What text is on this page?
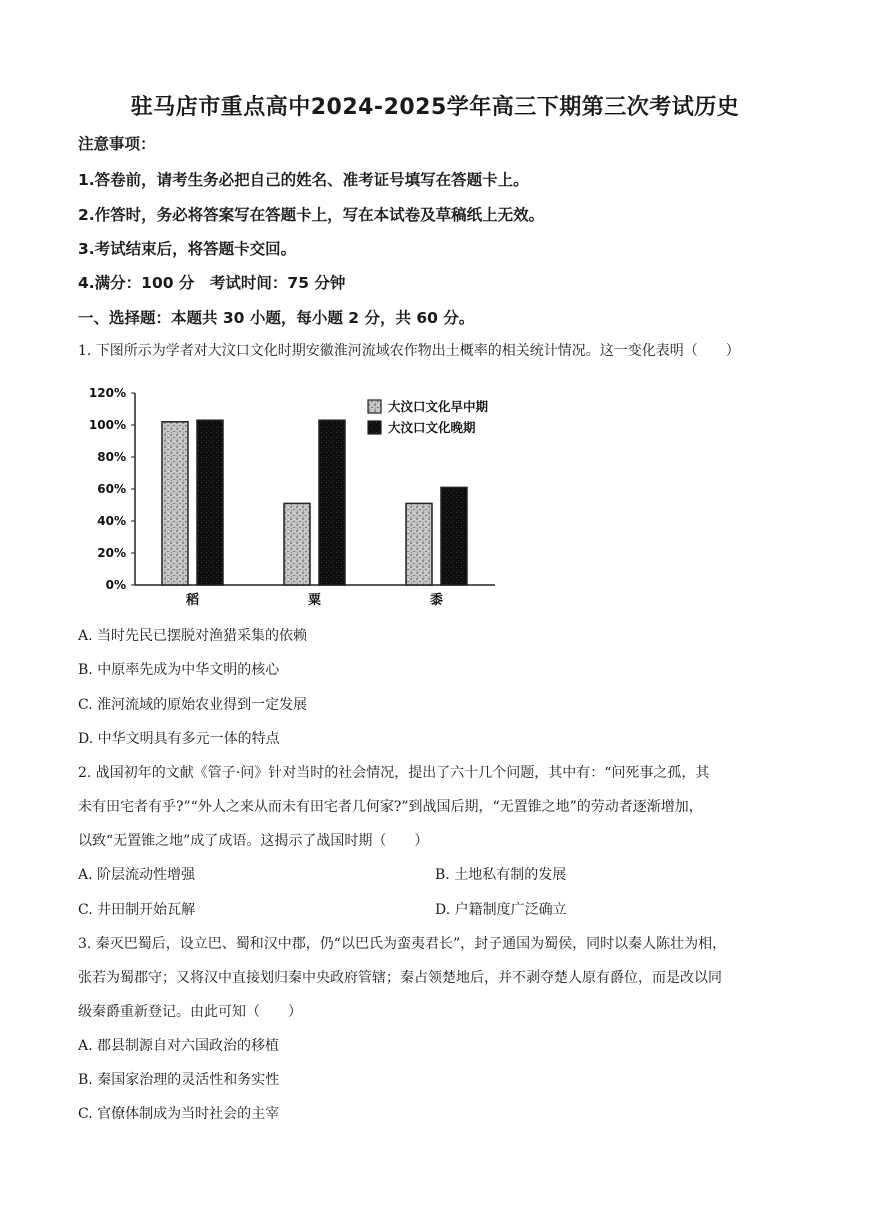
驻马店市重点高中2024-2025学年高三下期第三次考试历史
注意事项：
1.答卷前，请考生务必把自己的姓名、准考证号填写在答题卡上。
2.作答时，务必将答案写在答题卡上，写在本试卷及草稿纸上无效。
3.考试结束后，将答题卡交回。
4.满分：100 分　考试时间：75 分钟
一、选择题：本题共 30 小题，每小题 2 分，共 60 分。
1. 下图所示为学者对大汶口文化时期安徽淮河流域农作物出土概率的相关统计情况。这一变化表明（　　）
0%
20%
40%
60%
80%
100%
120%
稻	粟	黍
大汶口文化早中期
大汶口文化晚期
A. 当时先民已摆脱对渔猎采集的依赖
B. 中原率先成为中华文明的核心
C. 淮河流域的原始农业得到一定发展
D. 中华文明具有多元一体的特点
2. 战国初年的文献《管子·问》针对当时的社会情况，提出了六十几个问题，其中有：“问死事之孤，其
未有田宅者有乎?”“外人之来从而未有田宅者几何家?”到战国后期，“无置锥之地”的劳动者逐渐增加，
以致“无置锥之地”成了成语。这揭示了战国时期（　　）
A. 阶层流动性增强	B. 土地私有制的发展
C. 井田制开始瓦解	D. 户籍制度广泛确立
3. 秦灭巴蜀后，设立巴、蜀和汉中郡，仍“以巴氏为蛮夷君长”，封子通国为蜀侯，同时以秦人陈壮为相，
张若为蜀郡守；又将汉中直接划归秦中央政府管辖；秦占领楚地后，并不剥夺楚人原有爵位，而是改以同
级秦爵重新登记。由此可知（　　）
A. 郡县制源自对六国政治的移植
B. 秦国家治理的灵活性和务实性
C. 官僚体制成为当时社会的主宰
